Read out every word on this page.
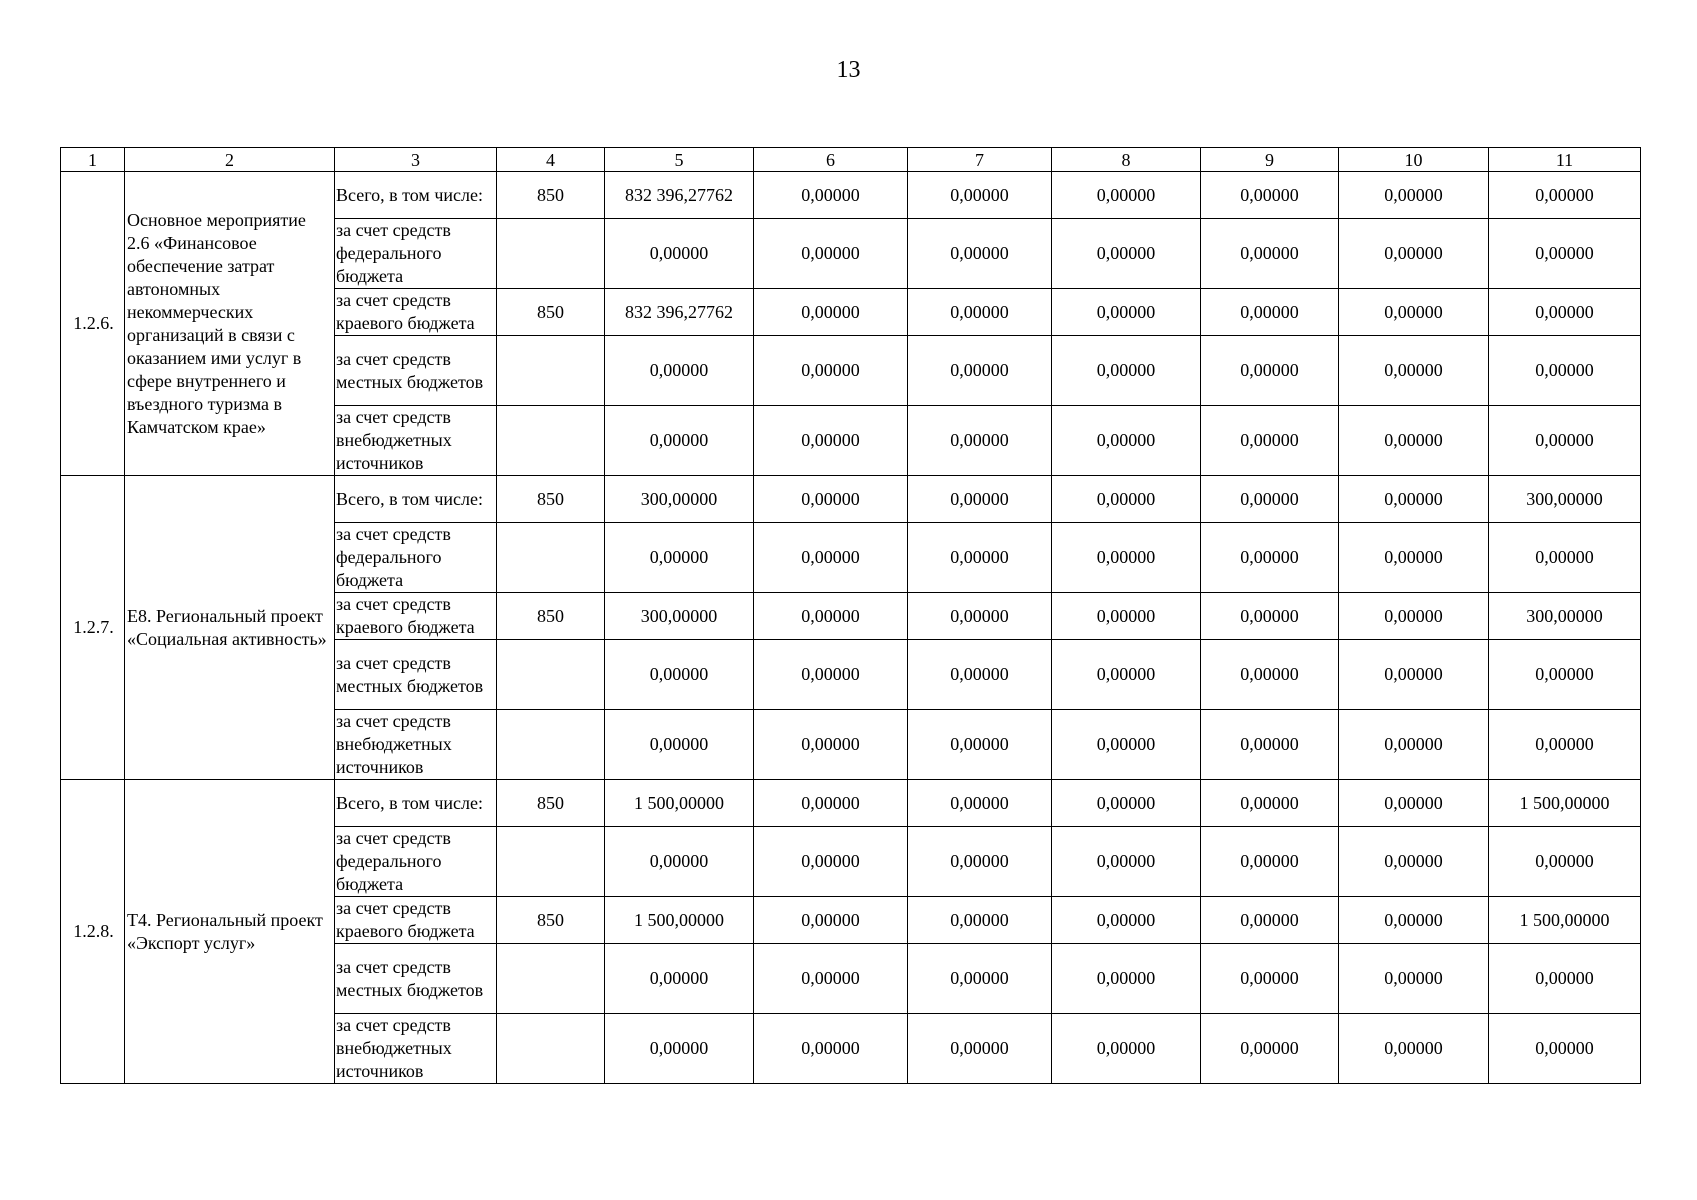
13
1	2	3	4	5	6	7	8	9	10	11
1.2.6.	Основное мероприятие 2.6 «Финансовое обеспечение затрат автономных некоммерческих организаций в связи с оказанием ими услуг в сфере внутреннего и въездного туризма в Камчатском крае»	Всего, в том числе:	850	832 396,27762	0,00000	0,00000	0,00000	0,00000	0,00000	0,00000
		за счет средств федерального бюджета		0,00000	0,00000	0,00000	0,00000	0,00000	0,00000	0,00000
		за счет средств краевого бюджета	850	832 396,27762	0,00000	0,00000	0,00000	0,00000	0,00000	0,00000
		за счет средств местных бюджетов		0,00000	0,00000	0,00000	0,00000	0,00000	0,00000	0,00000
		за счет средств внебюджетных источников		0,00000	0,00000	0,00000	0,00000	0,00000	0,00000	0,00000
1.2.7.	Е8. Региональный проект «Социальная активность»	Всего, в том числе:	850	300,00000	0,00000	0,00000	0,00000	0,00000	0,00000	300,00000
		за счет средств федерального бюджета		0,00000	0,00000	0,00000	0,00000	0,00000	0,00000	0,00000
		за счет средств краевого бюджета	850	300,00000	0,00000	0,00000	0,00000	0,00000	0,00000	300,00000
		за счет средств местных бюджетов		0,00000	0,00000	0,00000	0,00000	0,00000	0,00000	0,00000
		за счет средств внебюджетных источников		0,00000	0,00000	0,00000	0,00000	0,00000	0,00000	0,00000
1.2.8.	Т4. Региональный проект «Экспорт услуг»	Всего, в том числе:	850	1 500,00000	0,00000	0,00000	0,00000	0,00000	0,00000	1 500,00000
		за счет средств федерального бюджета		0,00000	0,00000	0,00000	0,00000	0,00000	0,00000	0,00000
		за счет средств краевого бюджета	850	1 500,00000	0,00000	0,00000	0,00000	0,00000	0,00000	1 500,00000
		за счет средств местных бюджетов		0,00000	0,00000	0,00000	0,00000	0,00000	0,00000	0,00000
		за счет средств внебюджетных источников		0,00000	0,00000	0,00000	0,00000	0,00000	0,00000	0,00000
